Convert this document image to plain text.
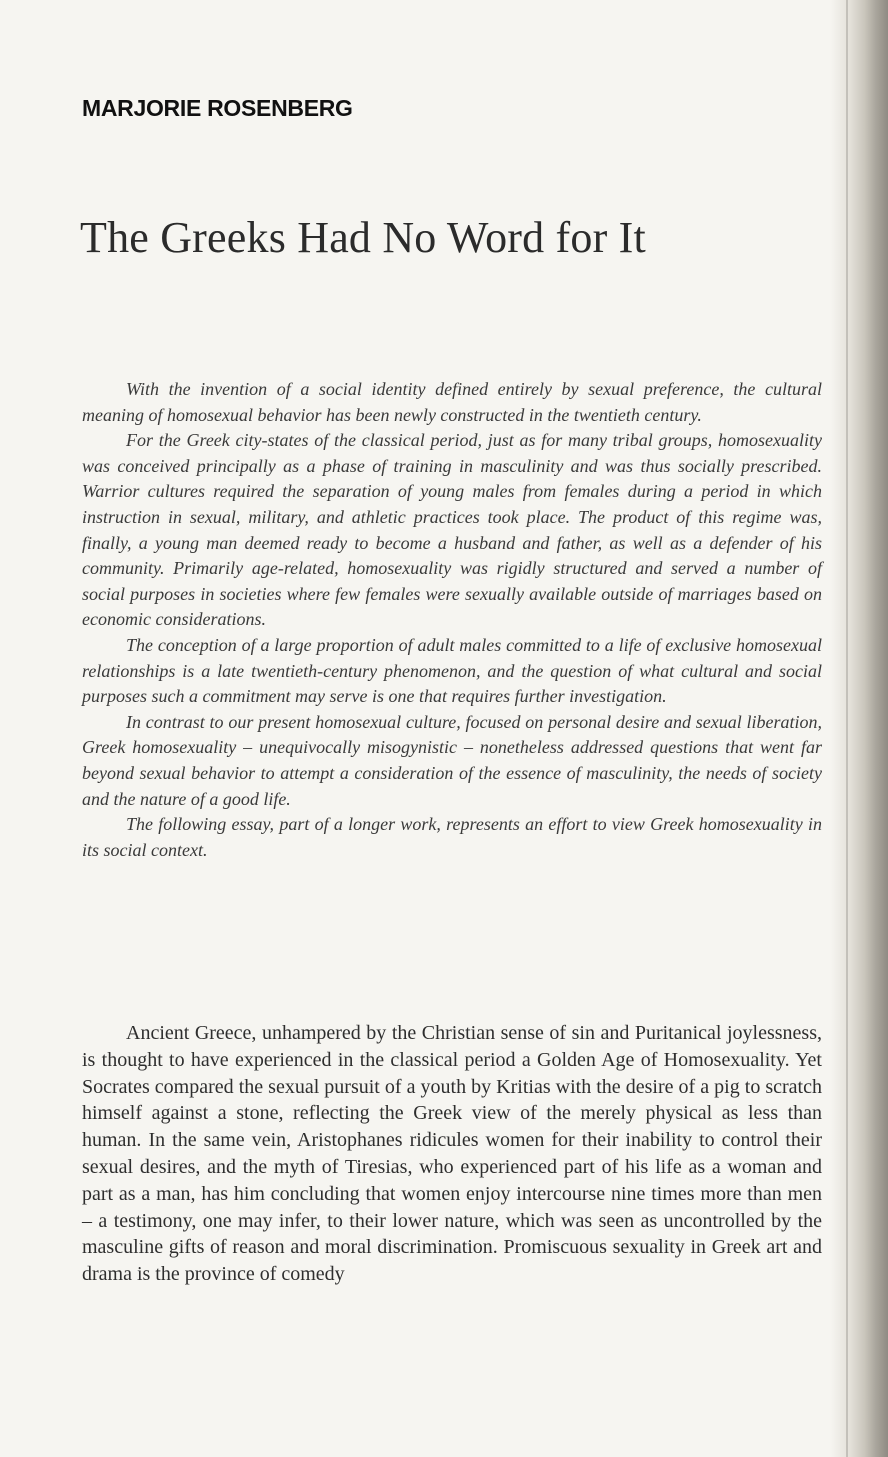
MARJORIE ROSENBERG
The Greeks Had No Word for It

With the invention of a social identity defined entirely by sexual preference, the cultural meaning of homosexual behavior has been newly constructed in the twentieth century.

For the Greek city-states of the classical period, just as for many tribal groups, homosexuality was conceived principally as a phase of training in masculinity and was thus socially prescribed. Warrior cultures required the separation of young males from females during a period in which instruction in sexual, military, and athletic practices took place. The product of this regime was, finally, a young man deemed ready to become a husband and father, as well as a defender of his community. Primarily age-related, homosexuality was rigidly structured and served a number of social purposes in societies where few females were sexually available outside of marriages based on economic considerations.

The conception of a large proportion of adult males committed to a life of exclusive homosexual relationships is a late twentieth-century phenomenon, and the question of what cultural and social purposes such a commitment may serve is one that requires further investigation.

In contrast to our present homosexual culture, focused on personal desire and sexual liberation, Greek homosexuality – unequivocally misogynistic – nonetheless addressed questions that went far beyond sexual behavior to attempt a consideration of the essence of masculinity, the needs of society and the nature of a good life.

The following essay, part of a longer work, represents an effort to view Greek homosexuality in its social context.

Ancient Greece, unhampered by the Christian sense of sin and Puritanical joylessness, is thought to have experienced in the classical period a Golden Age of Homosexuality. Yet Socrates compared the sexual pursuit of a youth by Kritias with the desire of a pig to scratch himself against a stone, reflecting the Greek view of the merely physical as less than human. In the same vein, Aristophanes ridicules women for their inability to control their sexual desires, and the myth of Tiresias, who experienced part of his life as a woman and part as a man, has him concluding that women enjoy intercourse nine times more than men – a testimony, one may infer, to their lower nature, which was seen as uncontrolled by the masculine gifts of reason and moral discrimination. Promiscuous sexuality in Greek art and drama is the province of comedy
